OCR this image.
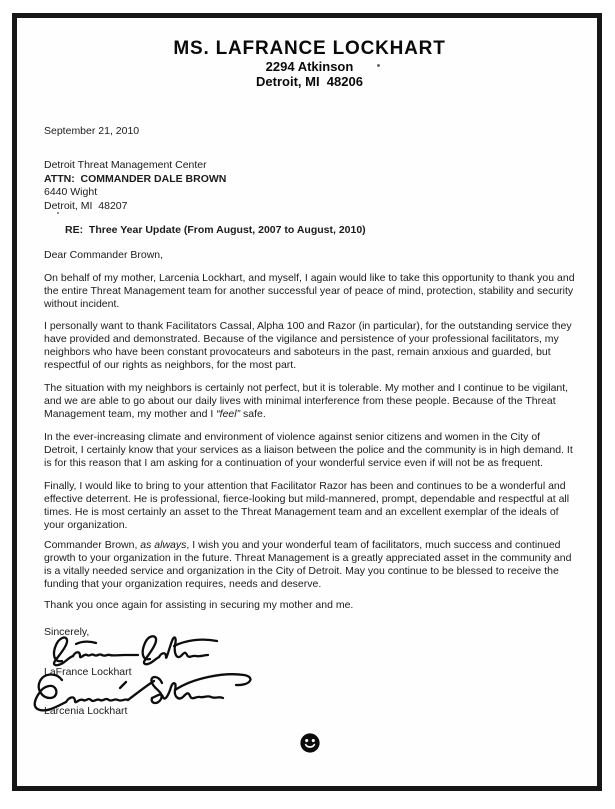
MS. LAFRANCE LOCKHART
2294 Atkinson
Detroit, MI  48206
September 21, 2010
Detroit Threat Management Center
ATTN:  COMMANDER DALE BROWN
6440 Wight
Detroit, MI  48207
RE:  Three Year Update (From August, 2007 to August, 2010)
Dear Commander Brown,

On behalf of my mother, Larcenia Lockhart, and myself, I again would like to take this opportunity to thank you and the entire Threat Management team for another successful year of peace of mind, protection, stability and security without incident.

I personally want to thank Facilitators Cassal, Alpha 100 and Razor (in particular), for the outstanding service they have provided and demonstrated. Because of the vigilance and persistence of your professional facilitators, my neighbors who have been constant provocateurs and saboteurs in the past, remain anxious and guarded, but respectful of our rights as neighbors, for the most part.

The situation with my neighbors is certainly not perfect, but it is tolerable. My mother and I continue to be vigilant, and we are able to go about our daily lives with minimal interference from these people. Because of the Threat Management team, my mother and I “feel” safe.

In the ever-increasing climate and environment of violence against senior citizens and women in the City of Detroit, I certainly know that your services as a liaison between the police and the community is in high demand. It is for this reason that I am asking for a continuation of your wonderful service even if will not be as frequent.

Finally, I would like to bring to your attention that Facilitator Razor has been and continues to be a wonderful and effective deterrent. He is professional, fierce-looking but mild-mannered, prompt, dependable and respectful at all times. He is most certainly an asset to the Threat Management team and an excellent exemplar of the ideals of your organization.

Commander Brown, as always, I wish you and your wonderful team of facilitators, much success and continued growth to your organization in the future. Threat Management is a greatly appreciated asset in the community and is a vitally needed service and organization in the City of Detroit. May you continue to be blessed to receive the funding that your organization requires, needs and deserve.

Thank you once again for assisting in securing my mother and me.

Sincerely,
LaFrance Lockhart
Larcenia Lockhart
